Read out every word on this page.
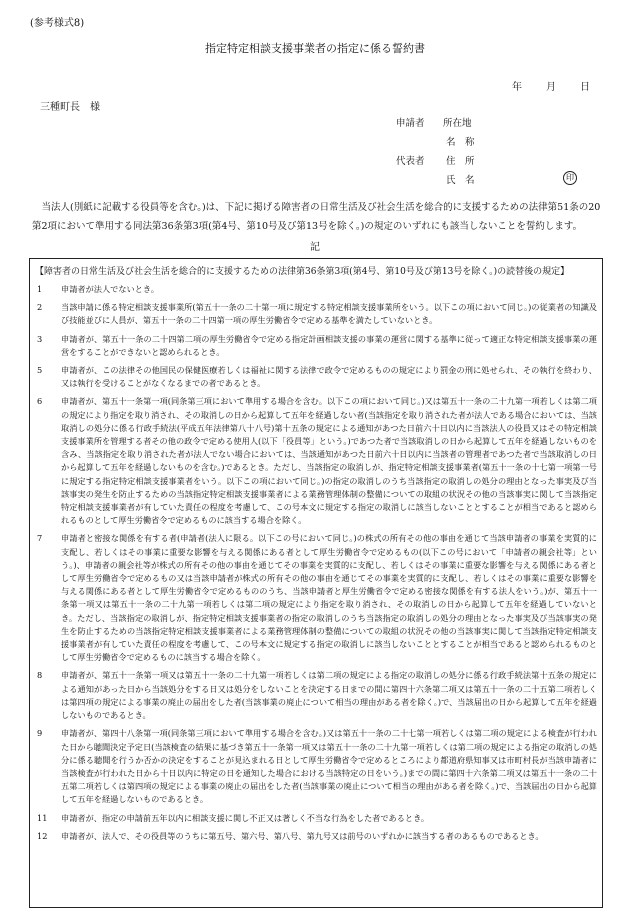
(参考様式8)
指定特定相談支援事業者の指定に係る誓約書
年 月 日
三種町長　様
申請者 所在地
名　称
代表者 住　所
氏　名	印
当法人(別紙に記載する役員等を含む。)は、下記に掲げる障害者の日常生活及び社会生活を総合的に支援するための法律第51条の20第2項において準用する同法第36条第3項(第4号、第10号及び第13号を除く。)の規定のいずれにも該当しないことを誓約します。
記
【障害者の日常生活及び社会生活を総合的に支援するための法律第36条第3項(第4号、第10号及び第13号を除く。)の読替後の規定】
1	申請者が法人でないとき。
2	当該申請に係る特定相談支援事業所(第五十一条の二十第一項に規定する特定相談支援事業所をいう。以下この項において同じ。)の従業者の知識及び技能並びに人員が、第五十一条の二十四第一項の厚生労働省令で定める基準を満たしていないとき。
3	申請者が、第五十一条の二十四第二項の厚生労働省令で定める指定計画相談支援の事業の運営に関する基準に従って適正な特定相談支援事業の運営をすることができないと認められるとき。
5	申請者が、この法律その他国民の保健医療若しくは福祉に関する法律で政令で定めるものの規定により罰金の刑に処せられ、その執行を終わり、又は執行を受けることがなくなるまでの者であるとき。
6	申請者が、第五十一条第一項(同条第三項において準用する場合を含む。以下この項において同じ。)又は第五十一条の二十九第一項若しくは第二項の規定により指定を取り消され、その取消しの日から起算して五年を経過しない者(当該指定を取り消された者が法人である場合においては、当該取消しの処分に係る行政手続法(平成五年法律第八十八号)第十五条の規定による通知があつた日前六十日以内に当該法人の役員又はその特定相談支援事業所を管理する者その他の政令で定める使用人(以下「役員等」という。)であつた者で当該取消しの日から起算して五年を経過しないものを含み、当該指定を取り消された者が法人でない場合においては、当該通知があつた日前六十日以内に当該者の管理者であつた者で当該取消しの日から起算して五年を経過しないものを含む。)であるとき。ただし、当該指定の取消しが、指定特定相談支援事業者(第五十一条の十七第一項第一号に規定する指定特定相談支援事業者をいう。以下この項において同じ。)の指定の取消しのうち当該指定の取消しの処分の理由となった事実及び当該事実の発生を防止するための当該指定特定相談支援事業者による業務管理体制の整備についての取組の状況その他の当該事実に関して当該指定特定相談支援事業者が有していた責任の程度を考慮して、この号本文に規定する指定の取消しに該当しないこととすることが相当であると認められるものとして厚生労働省令で定めるものに該当する場合を除く。
7	申請者と密接な関係を有する者(申請者(法人に限る。以下この号において同じ。)の株式の所有その他の事由を通じて当該申請者の事業を実質的に支配し、若しくはその事業に重要な影響を与える関係にある者として厚生労働省令で定めるもの(以下この号において「申請者の親会社等」という。)、申請者の親会社等が株式の所有その他の事由を通じてその事業を実質的に支配し、若しくはその事業に重要な影響を与える関係にある者として厚生労働省令で定めるもの又は当該申請者が株式の所有その他の事由を通じてその事業を実質的に支配し、若しくはその事業に重要な影響を与える関係にある者として厚生労働省令で定めるもののうち、当該申請者と厚生労働省令で定める密接な関係を有する法人をいう。)が、第五十一条第一項又は第五十一条の二十九第一項若しくは第二項の規定により指定を取り消され、その取消しの日から起算して五年を経過していないとき。ただし、当該指定の取消しが、指定特定相談支援事業者の指定の取消しのうち当該指定の取消しの処分の理由となった事実及び当該事実の発生を防止するための当該指定特定相談支援事業者による業務管理体制の整備についての取組の状況その他の当該事実に関して当該指定特定相談支援事業者が有していた責任の程度を考慮して、この号本文に規定する指定の取消しに該当しないこととすることが相当であると認められるものとして厚生労働省令で定めるものに該当する場合を除く。
8	申請者が、第五十一条第一項又は第五十一条の二十九第一項若しくは第二項の規定による指定の取消しの処分に係る行政手続法第十五条の規定による通知があった日から当該処分をする日又は処分をしないことを決定する日までの間に第四十六条第二項又は第五十一条の二十五第二項若しくは第四項の規定による事業の廃止の届出をした者(当該事業の廃止について相当の理由がある者を除く。)で、当該届出の日から起算して五年を経過しないものであるとき。
9	申請者が、第四十八条第一項(同条第三項において準用する場合を含む。)又は第五十一条の二十七第一項若しくは第二項の規定による検査が行われた日から聴聞決定予定日(当該検査の結果に基づき第五十一条第一項又は第五十一条の二十九第一項若しくは第二項の規定による指定の取消しの処分に係る聴聞を行うか否かの決定をすることが見込まれる日として厚生労働省令で定めるところにより都道府県知事又は市町村長が当該申請者に当該検査が行われた日から十日以内に特定の日を通知した場合における当該特定の日をいう。)までの間に第四十六条第二項又は第五十一条の二十五第二項若しくは第四項の規定による事業の廃止の届出をした者(当該事業の廃止について相当の理由がある者を除く。)で、当該届出の日から起算して五年を経過しないものであるとき。
11	申請者が、指定の申請前五年以内に相談支援に関し不正又は著しく不当な行為をした者であるとき。
12	申請者が、法人で、その役員等のうちに第五号、第六号、第八号、第九号又は前号のいずれかに該当する者のあるものであるとき。
